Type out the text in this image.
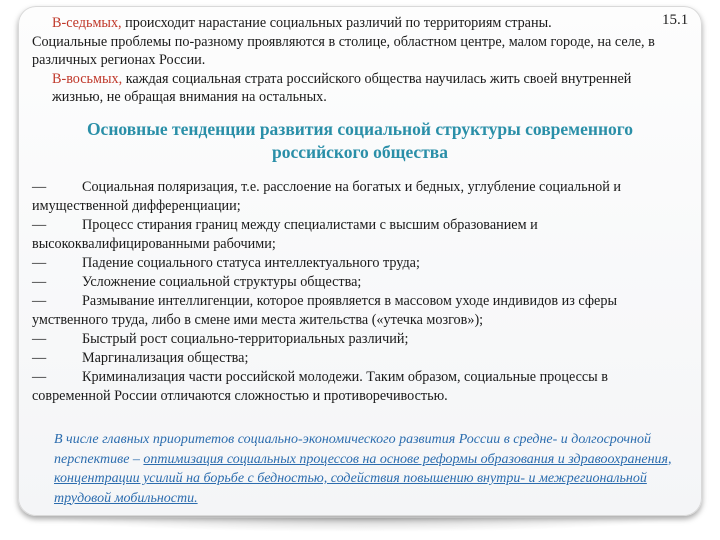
15.1

В-седьмых, происходит нарастание социальных различий по территориям страны.

Социальные проблемы по-разному проявляются в столице, областном центре, малом городе, на селе, в различных регионах России.

В-восьмых, каждая социальная страта российского общества научилась жить своей внутренней жизнью, не обращая внимания на остальных.

Основные тенденции развития социальной структуры современного
российского общества

—	Социальная поляризация, т.е. расслоение на богатых и бедных, углубление социальной и имущественной дифференциации;

—	Процесс стирания границ между специалистами с высшим образованием и высококвалифицированными рабочими;

—	Падение социального статуса интеллектуального труда;

—	Усложнение социальной структуры общества;

—	Размывание интеллигенции, которое проявляется в массовом уходе индивидов из сферы умственного труда, либо в смене ими места жительства («утечка мозгов»);

—	Быстрый рост социально-территориальных различий;

—	Маргинализация общества;

—	Криминализация части российской молодежи. Таким образом, социальные процессы в современной России отличаются сложностью и противоречивостью.

В числе главных приоритетов социально-экономического развития России в средне- и долгосрочной перспективе – оптимизация социальных процессов на основе реформы образования и здравоохранения, концентрации усилий на борьбе с бедностью, содействия повышению внутри- и межрегиональной трудовой мобильности.
